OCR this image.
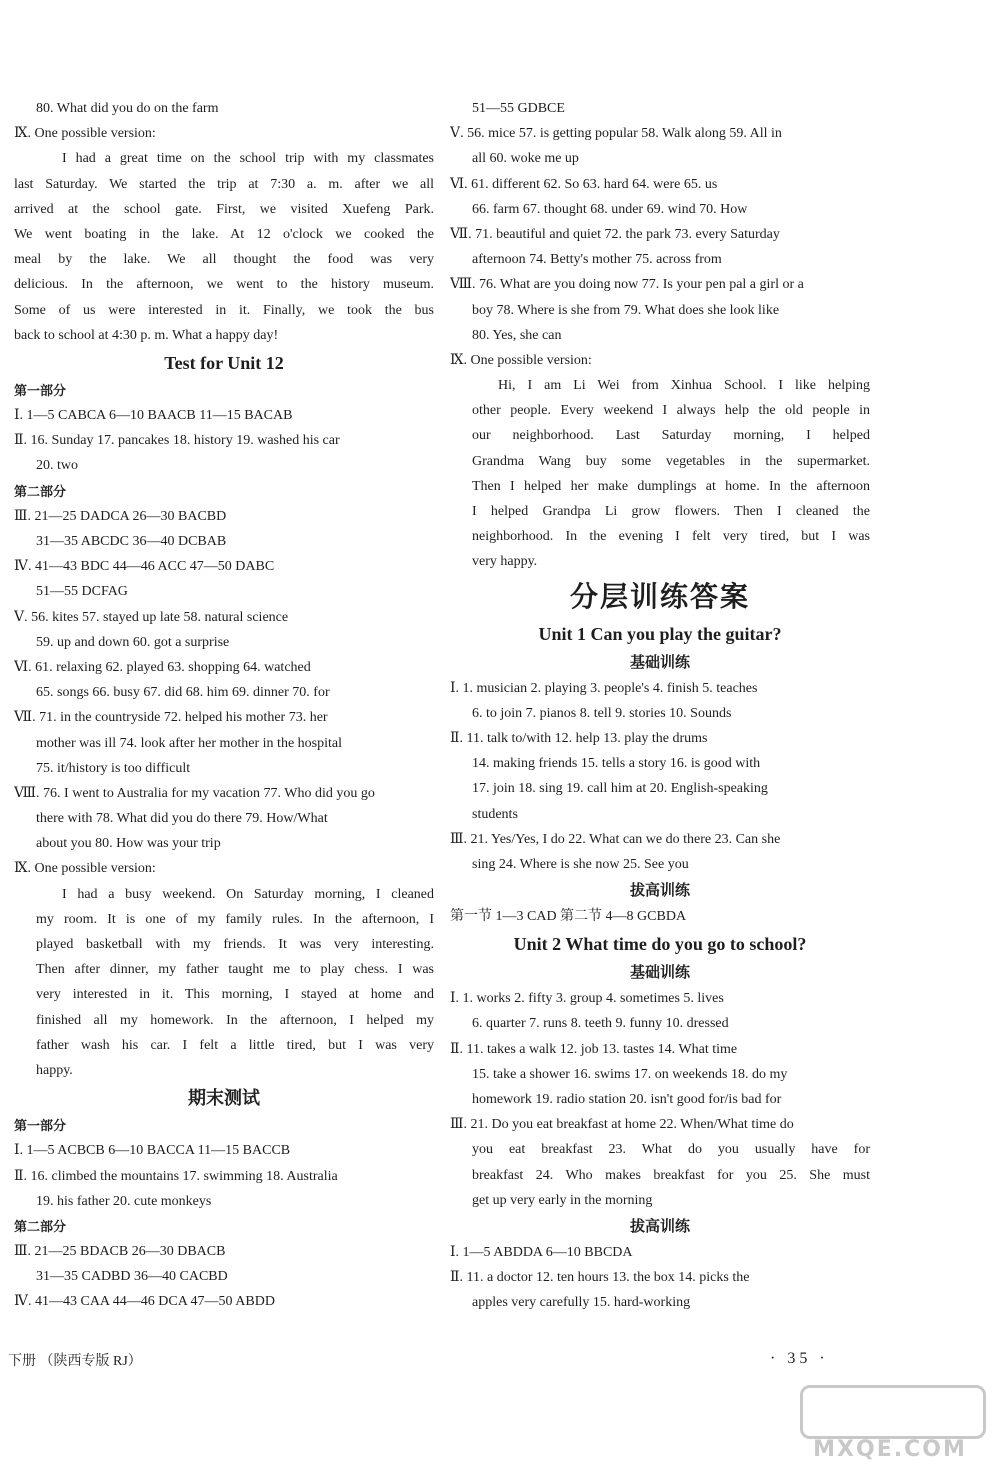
80. What did you do on the farm
Ⅸ. One possible version:
I had a great time on the school trip with my classmates
last Saturday. We started the trip at 7:30 a. m. after we all
arrived at the school gate. First, we visited Xuefeng Park.
We went boating in the lake. At 12 o'clock we cooked the
meal by the lake. We all thought the food was very
delicious. In the afternoon, we went to the history museum.
Some of us were interested in it. Finally, we took the bus
back to school at 4:30 p. m. What a happy day!
Test for Unit 12
第一部分
Ⅰ. 1—5 CABCA 6—10 BAACB 11—15 BACAB
Ⅱ. 16. Sunday 17. pancakes 18. history 19. washed his car
20. two
第二部分
Ⅲ. 21—25 DADCA 26—30 BACBD
31—35 ABCDC 36—40 DCBAB
Ⅳ. 41—43 BDC 44—46 ACC 47—50 DABC
51—55 DCFAG
Ⅴ. 56. kites 57. stayed up late 58. natural science
59. up and down 60. got a surprise
Ⅵ. 61. relaxing 62. played 63. shopping 64. watched
65. songs 66. busy 67. did 68. him 69. dinner 70. for
Ⅶ. 71. in the countryside 72. helped his mother 73. her
mother was ill 74. look after her mother in the hospital
75. it/history is too difficult
Ⅷ. 76. I went to Australia for my vacation 77. Who did you go
there with 78. What did you do there 79. How/What
about you 80. How was your trip
Ⅸ. One possible version:
I had a busy weekend. On Saturday morning, I cleaned
my room. It is one of my family rules. In the afternoon, I
played basketball with my friends. It was very interesting.
Then after dinner, my father taught me to play chess. I was
very interested in it. This morning, I stayed at home and
finished all my homework. In the afternoon, I helped my
father wash his car. I felt a little tired, but I was very
happy.
期末测试
第一部分
Ⅰ. 1—5 ACBCB 6—10 BACCA 11—15 BACCB
Ⅱ. 16. climbed the mountains 17. swimming 18. Australia
19. his father 20. cute monkeys
第二部分
Ⅲ. 21—25 BDACB 26—30 DBACB
31—35 CADBD 36—40 CACBD
Ⅳ. 41—43 CAA 44—46 DCA 47—50 ABDD
51—55 GDBCE
Ⅴ. 56. mice 57. is getting popular 58. Walk along 59. All in
all 60. woke me up
Ⅵ. 61. different 62. So 63. hard 64. were 65. us
66. farm 67. thought 68. under 69. wind 70. How
Ⅶ. 71. beautiful and quiet 72. the park 73. every Saturday
afternoon 74. Betty's mother 75. across from
Ⅷ. 76. What are you doing now 77. Is your pen pal a girl or a
boy 78. Where is she from 79. What does she look like
80. Yes, she can
Ⅸ. One possible version:
Hi, I am Li Wei from Xinhua School. I like helping
other people. Every weekend I always help the old people in
our neighborhood. Last Saturday morning, I helped
Grandma Wang buy some vegetables in the supermarket.
Then I helped her make dumplings at home. In the afternoon
I helped Grandpa Li grow flowers. Then I cleaned the
neighborhood. In the evening I felt very tired, but I was
very happy.
分层训练答案
Unit 1 Can you play the guitar?
基础训练
Ⅰ. 1. musician 2. playing 3. people's 4. finish 5. teaches
6. to join 7. pianos 8. tell 9. stories 10. Sounds
Ⅱ. 11. talk to/with 12. help 13. play the drums
14. making friends 15. tells a story 16. is good with
17. join 18. sing 19. call him at 20. English-speaking
students
Ⅲ. 21. Yes/Yes, I do 22. What can we do there 23. Can she
sing 24. Where is she now 25. See you
拔高训练
第一节 1—3 CAD 第二节 4—8 GCBDA
Unit 2 What time do you go to school?
基础训练
Ⅰ. 1. works 2. fifty 3. group 4. sometimes 5. lives
6. quarter 7. runs 8. teeth 9. funny 10. dressed
Ⅱ. 11. takes a walk 12. job 13. tastes 14. What time
15. take a shower 16. swims 17. on weekends 18. do my
homework 19. radio station 20. isn't good for/is bad for
Ⅲ. 21. Do you eat breakfast at home 22. When/What time do
you eat breakfast 23. What do you usually have for
breakfast 24. Who makes breakfast for you 25. She must
get up very early in the morning
拔高训练
Ⅰ. 1—5 ABDDA 6—10 BBCDA
Ⅱ. 11. a doctor 12. ten hours 13. the box 14. picks the
apples very carefully 15. hard-working
下册 （陕西专版 RJ）	· 35 ·
MXQE.COM
